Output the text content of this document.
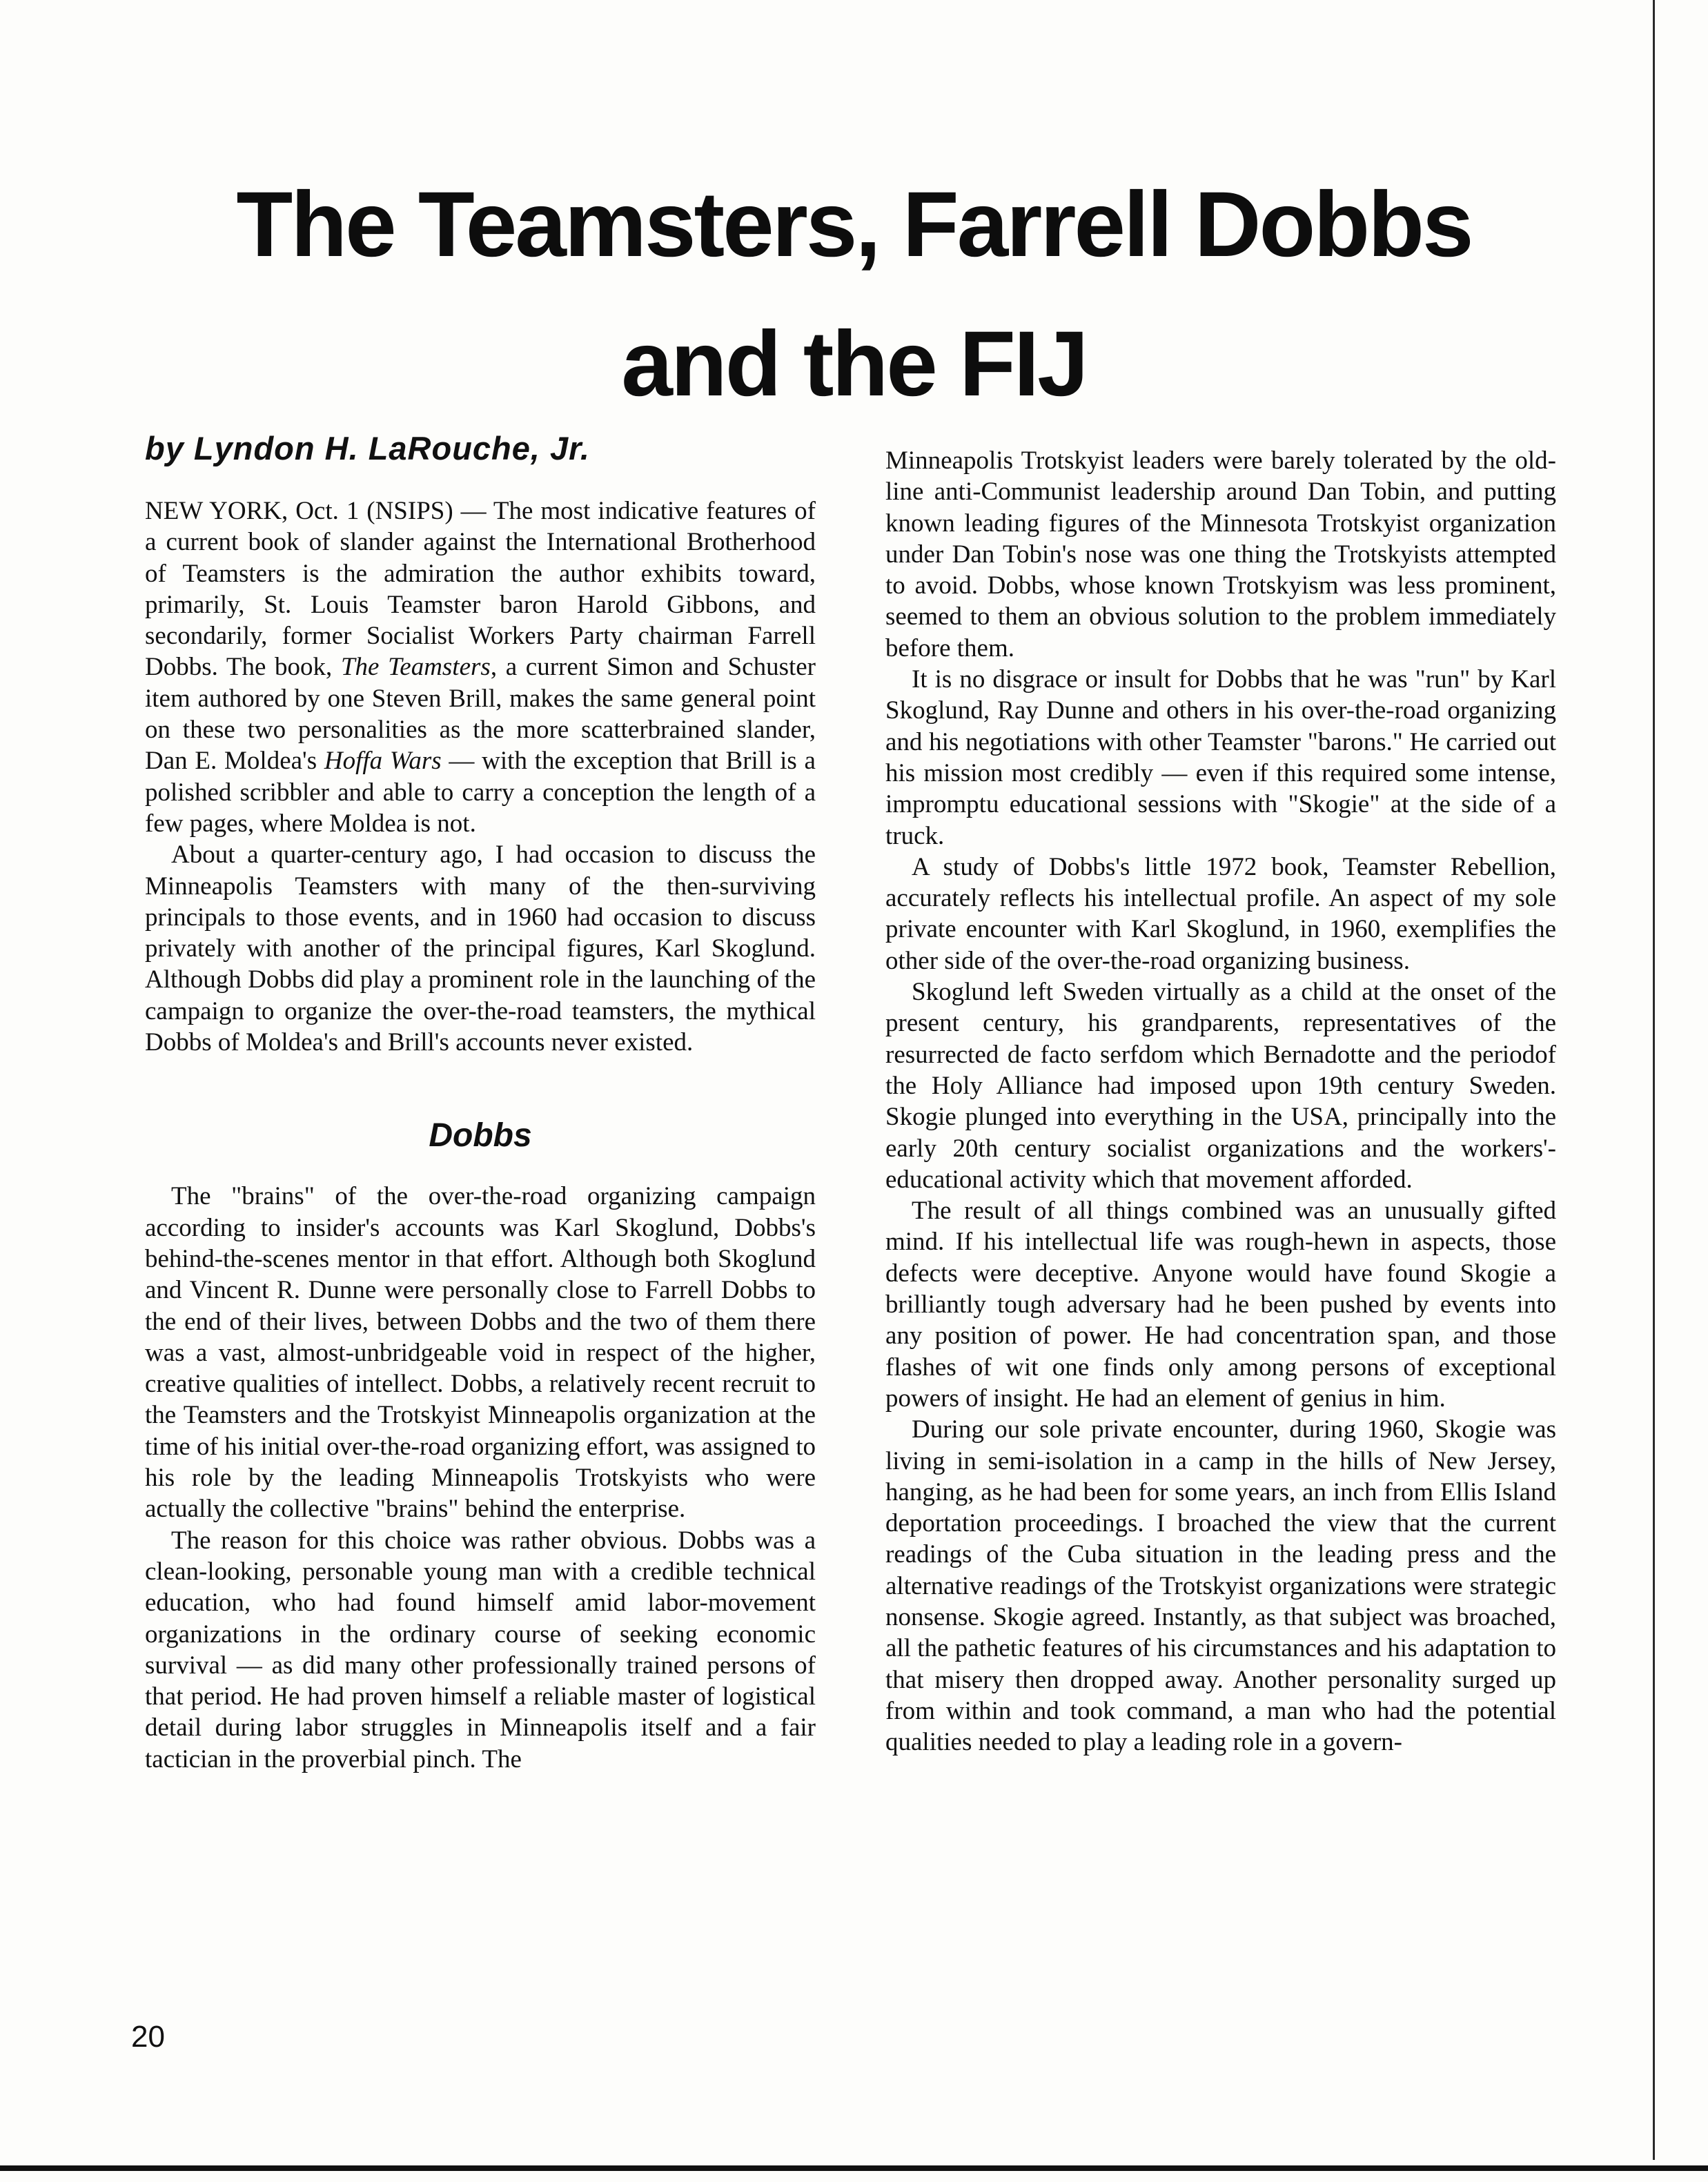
The Teamsters, Farrell Dobbs
and the FIJ
by Lyndon H. LaRouche, Jr.

NEW YORK, Oct. 1 (NSIPS) — The most indicative features of a current book of slander against the International Brotherhood of Teamsters is the admiration the author exhibits toward, primarily, St. Louis Teamster baron Harold Gibbons, and secondarily, former Socialist Workers Party chairman Farrell Dobbs. The book, The Teamsters, a current Simon and Schuster item authored by one Steven Brill, makes the same general point on these two personalities as the more scatterbrained slander, Dan E. Moldea's Hoffa Wars — with the exception that Brill is a polished scribbler and able to carry a conception the length of a few pages, where Moldea is not.

About a quarter-century ago, I had occasion to discuss the Minneapolis Teamsters with many of the then-surviving principals to those events, and in 1960 had occasion to discuss privately with another of the principal figures, Karl Skoglund. Although Dobbs did play a prominent role in the launching of the campaign to organize the over-the-road teamsters, the mythical Dobbs of Moldea's and Brill's accounts never existed.

Dobbs

The "brains" of the over-the-road organizing campaign according to insider's accounts was Karl Skoglund, Dobbs's behind-the-scenes mentor in that effort. Although both Skoglund and Vincent R. Dunne were personally close to Farrell Dobbs to the end of their lives, between Dobbs and the two of them there was a vast, almost-unbridgeable void in respect of the higher, creative qualities of intellect. Dobbs, a relatively recent recruit to the Teamsters and the Trotskyist Minneapolis organization at the time of his initial over-the-road organizing effort, was assigned to his role by the leading Minneapolis Trotskyists who were actually the collective "brains" behind the enterprise.

The reason for this choice was rather obvious. Dobbs was a clean-looking, personable young man with a credible technical education, who had found himself amid labor-movement organizations in the ordinary course of seeking economic survival — as did many other professionally trained persons of that period. He had proven himself a reliable master of logistical detail during labor struggles in Minneapolis itself and a fair tactician in the proverbial pinch. The

Minneapolis Trotskyist leaders were barely tolerated by the old-line anti-Communist leadership around Dan Tobin, and putting known leading figures of the Minnesota Trotskyist organization under Dan Tobin's nose was one thing the Trotskyists attempted to avoid. Dobbs, whose known Trotskyism was less prominent, seemed to them an obvious solution to the problem immediately before them.

It is no disgrace or insult for Dobbs that he was "run" by Karl Skoglund, Ray Dunne and others in his over-the-road organizing and his negotiations with other Teamster "barons." He carried out his mission most credibly — even if this required some intense, impromptu educational sessions with "Skogie" at the side of a truck.

A study of Dobbs's little 1972 book, Teamster Rebellion, accurately reflects his intellectual profile. An aspect of my sole private encounter with Karl Skoglund, in 1960, exemplifies the other side of the over-the-road organizing business.

Skoglund left Sweden virtually as a child at the onset of the present century, his grandparents, representatives of the resurrected de facto serfdom which Bernadotte and the periodof the Holy Alliance had imposed upon 19th century Sweden. Skogie plunged into everything in the USA, principally into the early 20th century socialist organizations and the workers'-educational activity which that movement afforded.

The result of all things combined was an unusually gifted mind. If his intellectual life was rough-hewn in aspects, those defects were deceptive. Anyone would have found Skogie a brilliantly tough adversary had he been pushed by events into any position of power. He had concentration span, and those flashes of wit one finds only among persons of exceptional powers of insight. He had an element of genius in him.

During our sole private encounter, during 1960, Skogie was living in semi-isolation in a camp in the hills of New Jersey, hanging, as he had been for some years, an inch from Ellis Island deportation proceedings. I broached the view that the current readings of the Cuba situation in the leading press and the alternative readings of the Trotskyist organizations were strategic nonsense. Skogie agreed. Instantly, as that subject was broached, all the pathetic features of his circumstances and his adaptation to that misery then dropped away. Another personality surged up from within and took command, a man who had the potential qualities needed to play a leading role in a govern-

20
